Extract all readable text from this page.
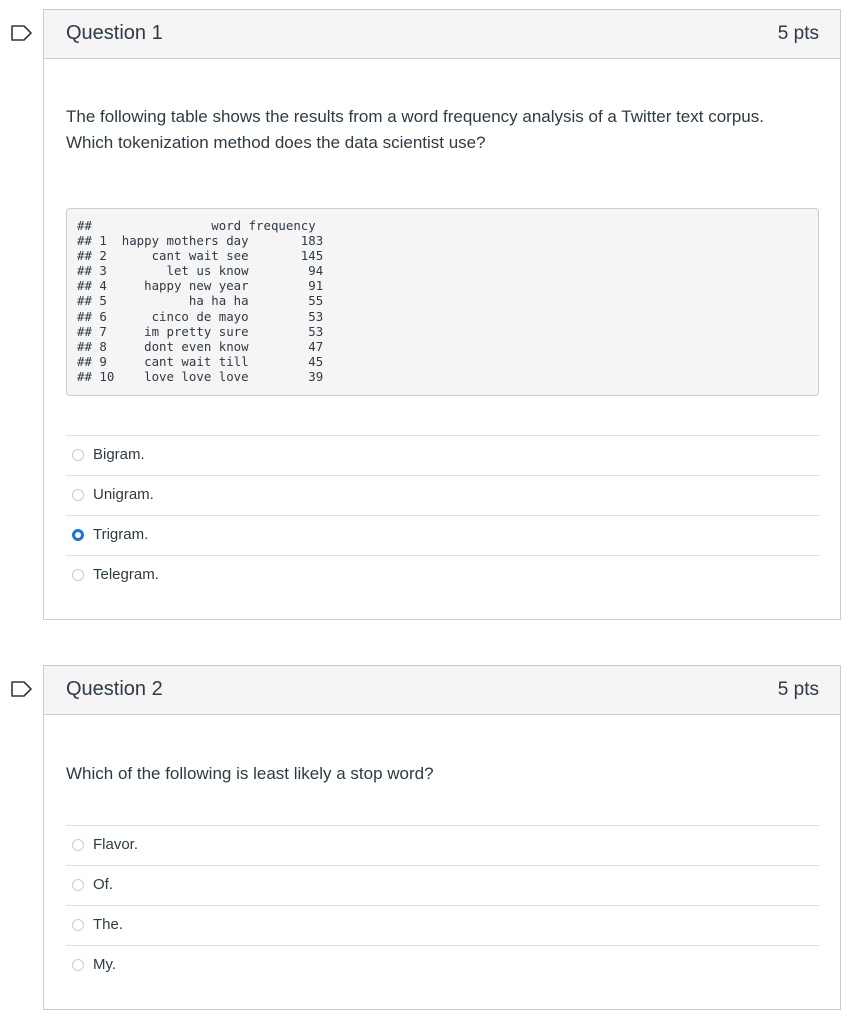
Question 1	5 pts
The following table shows the results from a word frequency analysis of a Twitter text corpus.
Which tokenization method does the data scientist use?
##                word frequency
## 1  happy mothers day       183
## 2      cant wait see       145
## 3        let us know        94
## 4     happy new year        91
## 5           ha ha ha        55
## 6      cinco de mayo        53
## 7     im pretty sure        53
## 8     dont even know        47
## 9     cant wait till        45
## 10    love love love        39
Bigram.
Unigram.
Trigram.
Telegram.
Question 2	5 pts
Which of the following is least likely a stop word?
Flavor.
Of.
The.
My.
